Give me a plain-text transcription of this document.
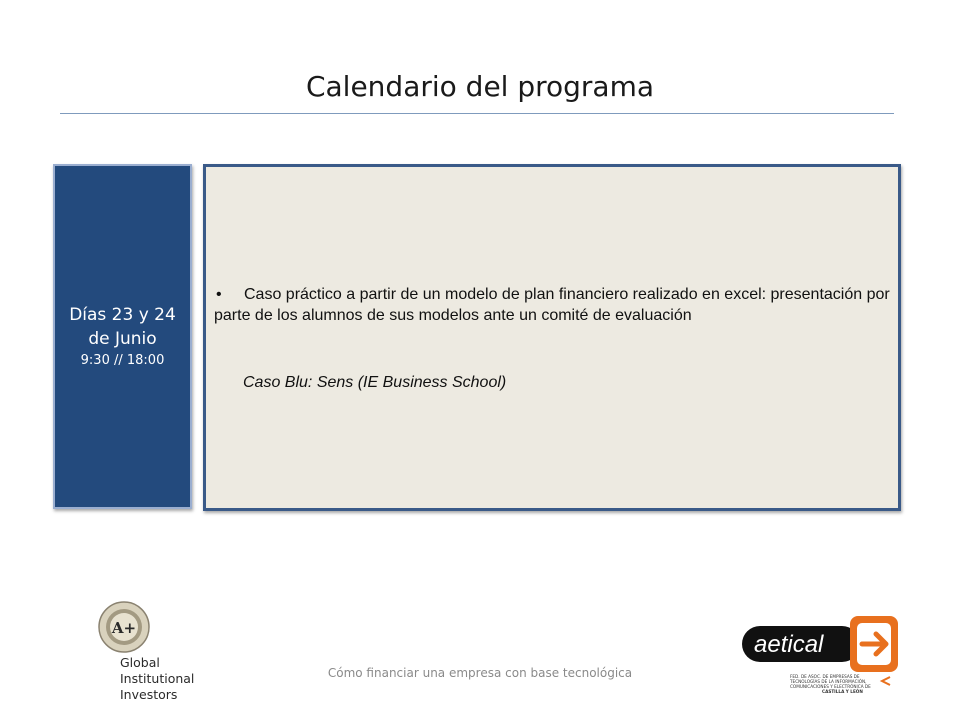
Calendario del programa
Días 23 y 24
de Junio
9:30 // 18:00
• Caso práctico a partir de un modelo de plan financiero realizado en excel: presentación por parte de los alumnos de sus modelos ante un comité de evaluación
Caso Blu: Sens (IE Business School)
Cómo financiar una empresa con base tecnológica
A+
Global
Institutional
Investors
aetical
FED. DE ASOC. DE EMPRESAS DE
TECNOLOGÍAS DE LA INFORMACIÓN,
COMUNICACIONES Y ELECTRÓNICA DE
CASTILLA Y LEÓN
